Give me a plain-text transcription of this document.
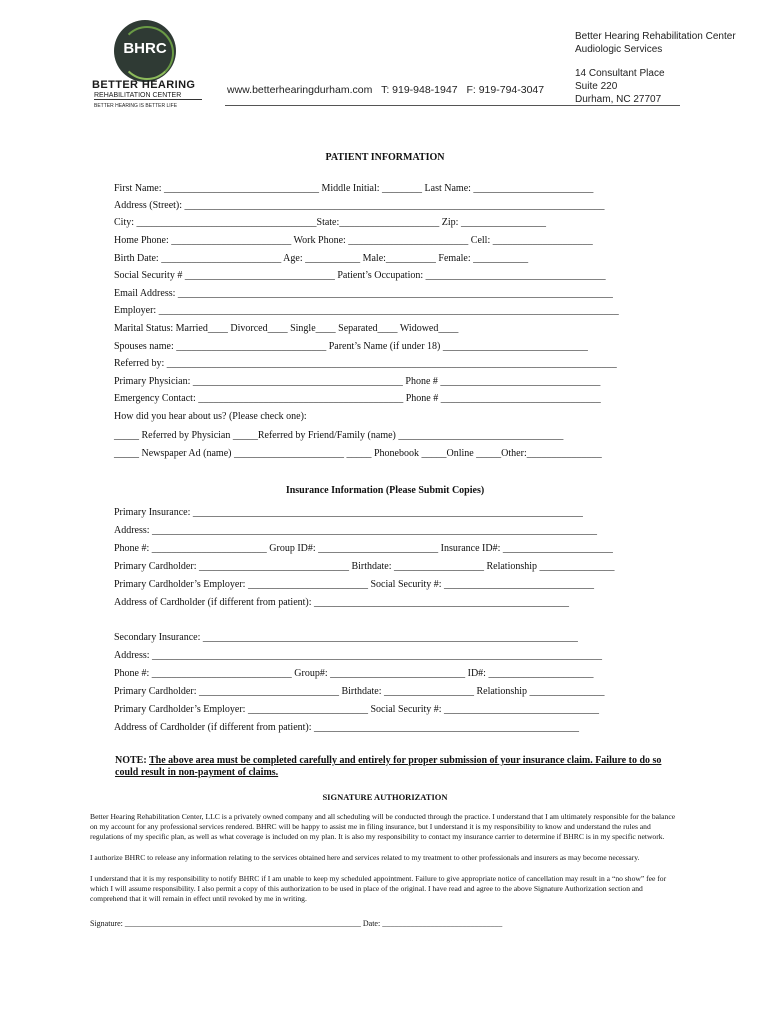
BHRC
BETTER HEARING
REHABILITATION CENTER
BETTER HEARING IS BETTER LIFE
www.betterhearingdurham.com T: 919-948-1947 F: 919-794-3047
Better Hearing Rehabilitation Center
Audiologic Services
14 Consultant Place
Suite 220
Durham, NC 27707
PATIENT INFORMATION
First Name: _______________________________ Middle Initial: ________ Last Name: ________________________
Address (Street): ____________________________________________________________________________________
City: ____________________________________State:____________________ Zip: _________________
Home Phone: ________________________ Work Phone: ________________________ Cell: ____________________
Birth Date: ________________________ Age: ___________ Male:__________ Female: ___________
Social Security # ______________________________ Patient’s Occupation: ____________________________________
Email Address: _______________________________________________________________________________________
Employer: ____________________________________________________________________________________________
Marital Status: Married____ Divorced____ Single____ Separated____ Widowed____
Spouses name: ______________________________ Parent’s Name (if under 18) _____________________________
Referred by: __________________________________________________________________________________________
Primary Physician: __________________________________________ Phone # ________________________________
Emergency Contact: _________________________________________ Phone # ________________________________
How did you hear about us? (Please check one):
_____ Referred by Physician _____Referred by Friend/Family (name) _________________________________
_____ Newspaper Ad (name) ______________________ _____ Phonebook _____Online _____Other:_______________
Insurance Information (Please Submit Copies)
Primary Insurance: ______________________________________________________________________________
Address: _________________________________________________________________________________________
Phone #: _______________________ Group ID#: ________________________ Insurance ID#: ______________________
Primary Cardholder: ______________________________ Birthdate: __________________ Relationship _______________
Primary Cardholder’s Employer: ________________________ Social Security #: ______________________________
Address of Cardholder (if different from patient): ___________________________________________________
Secondary Insurance: ___________________________________________________________________________
Address: __________________________________________________________________________________________
Phone #: ____________________________ Group#: ___________________________ ID#: _____________________
Primary Cardholder: ____________________________ Birthdate: __________________ Relationship _______________
Primary Cardholder’s Employer: ________________________ Social Security #: _______________________________
Address of Cardholder (if different from patient): _____________________________________________________
NOTE: The above area must be completed carefully and entirely for proper submission of your insurance claim. Failure to do so could result in non-payment of claims.
SIGNATURE AUTHORIZATION
Better Hearing Rehabilitation Center, LLC is a privately owned company and all scheduling will be conducted through the practice. I understand that I am ultimately responsible for the balance on my account for any professional services rendered. BHRC will be happy to assist me in filing insurance, but I understand it is my responsibility to know and understand the rules and regulations of my specific plan, as well as what coverage is included on my plan. It is also my responsibility to contact my insurance carrier to determine if BHRC is in my specific network.
I authorize BHRC to release any information relating to the services obtained here and services related to my treatment to other professionals and insurers as may become necessary.
I understand that it is my responsibility to notify BHRC if I am unable to keep my scheduled appointment. Failure to give appropriate notice of cancellation may result in a “no show” fee for which I will assume responsibility. I also permit a copy of this authorization to be used in place of the original. I have read and agree to the above Signature Authorization section and comprehend that it will remain in effect until revoked by me in writing.
Signature: ___________________________________________________________ Date: ______________________________
